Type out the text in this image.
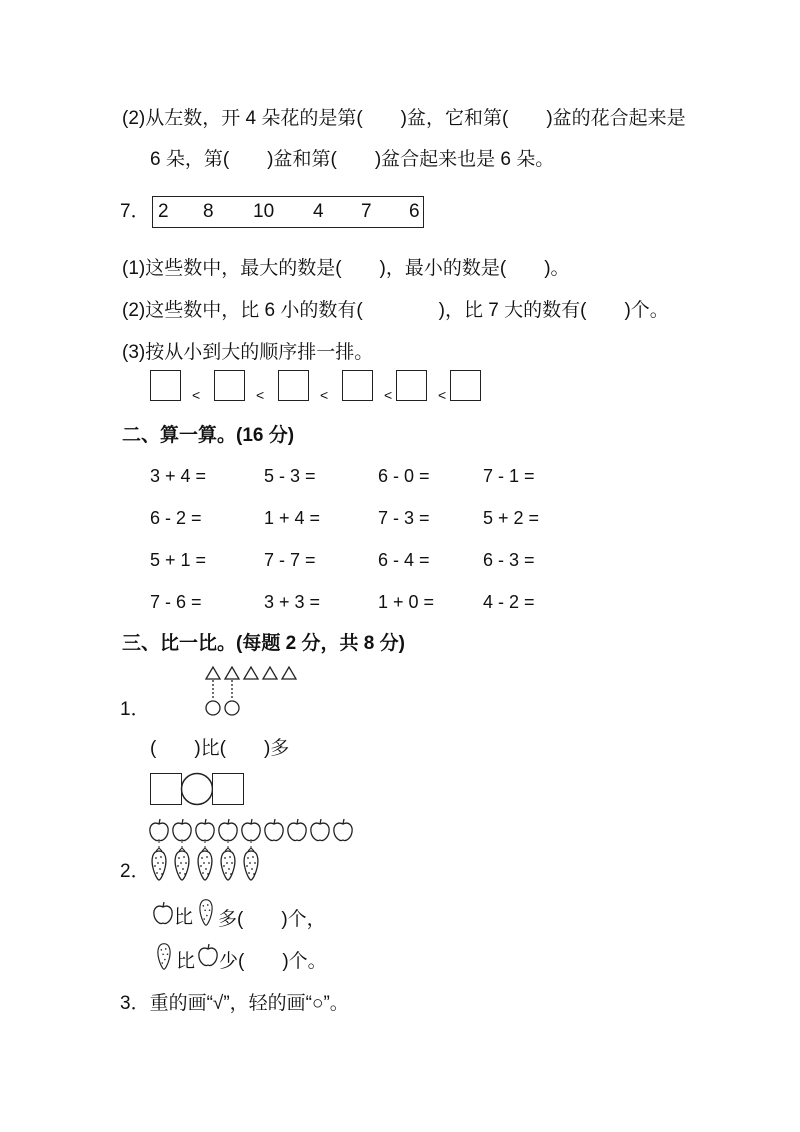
(2)从左数，开 4 朵花的是第(　　)盆，它和第(　　)盆的花合起来是
6 朵，第(　　)盆和第(　　)盆合起来也是 6 朵。
7． 2 8 10 4 7 6
(1)这些数中，最大的数是(　　)，最小的数是(　　)。
(2)这些数中，比 6 小的数有(　　　　)，比 7 大的数有(　　)个。
(3)按从小到大的顺序排一排。
<	<	<	<	<
二、算一算。(16 分)
3 + 4 =	5 - 3 =	6 - 0 =	7 - 1 =
6 - 2 =	1 + 4 =	7 - 3 =	5 + 2 =
5 + 1 =	7 - 7 =	6 - 4 =	6 - 3 =
7 - 6 =	3 + 3 =	1 + 0 =	4 - 2 =
三、比一比。(每题 2 分，共 8 分)
1．
(　　)比(　　)多
2．
比 多(　　)个，
比 少(　　)个。
3．重的画“√”，轻的画“○”。
